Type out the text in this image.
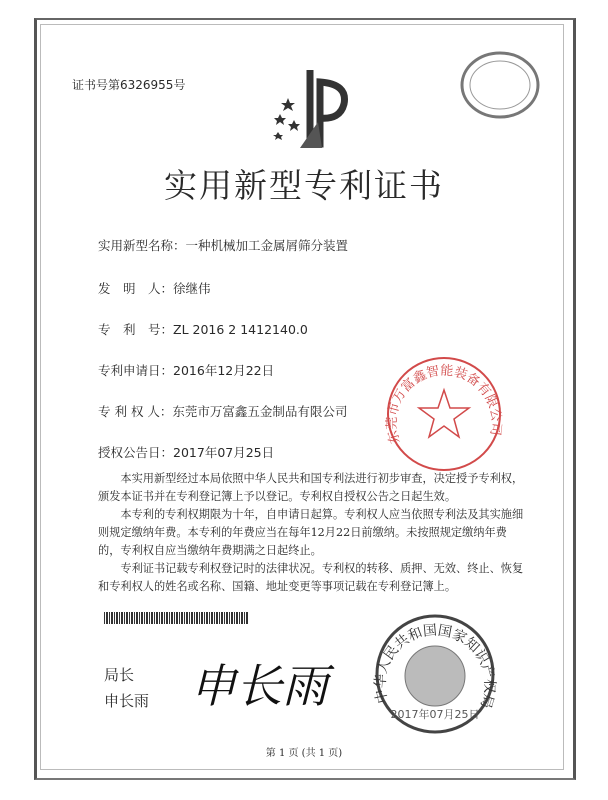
证书号第6326955号
实用新型专利证书
实用新型名称：一种机械加工金属屑筛分装置
发　明　人：徐继伟
专　利　号：ZL 2016 2 1412140.0
专利申请日：2016年12月22日
专 利 权 人：东莞市万富鑫五金制品有限公司
授权公告日：2017年07月25日
东莞市万富鑫智能装备有限公司
本实用新型经过本局依照中华人民共和国专利法进行初步审查，决定授予专利权，颁发本证书并在专利登记簿上予以登记。专利权自授权公告之日起生效。
本专利的专利权期限为十年，自申请日起算。专利权人应当依照专利法及其实施细则规定缴纳年费。本专利的年费应当在每年12月22日前缴纳。未按照规定缴纳年费的，专利权自应当缴纳年费期满之日起终止。
专利证书记载专利权登记时的法律状况。专利权的转移、质押、无效、终止、恢复和专利权人的姓名或名称、国籍、地址变更等事项记载在专利登记簿上。
局长
申长雨 申长雨	中华人民共和国国家知识产权局
2017年07月25日
第 1 页 (共 1 页)
